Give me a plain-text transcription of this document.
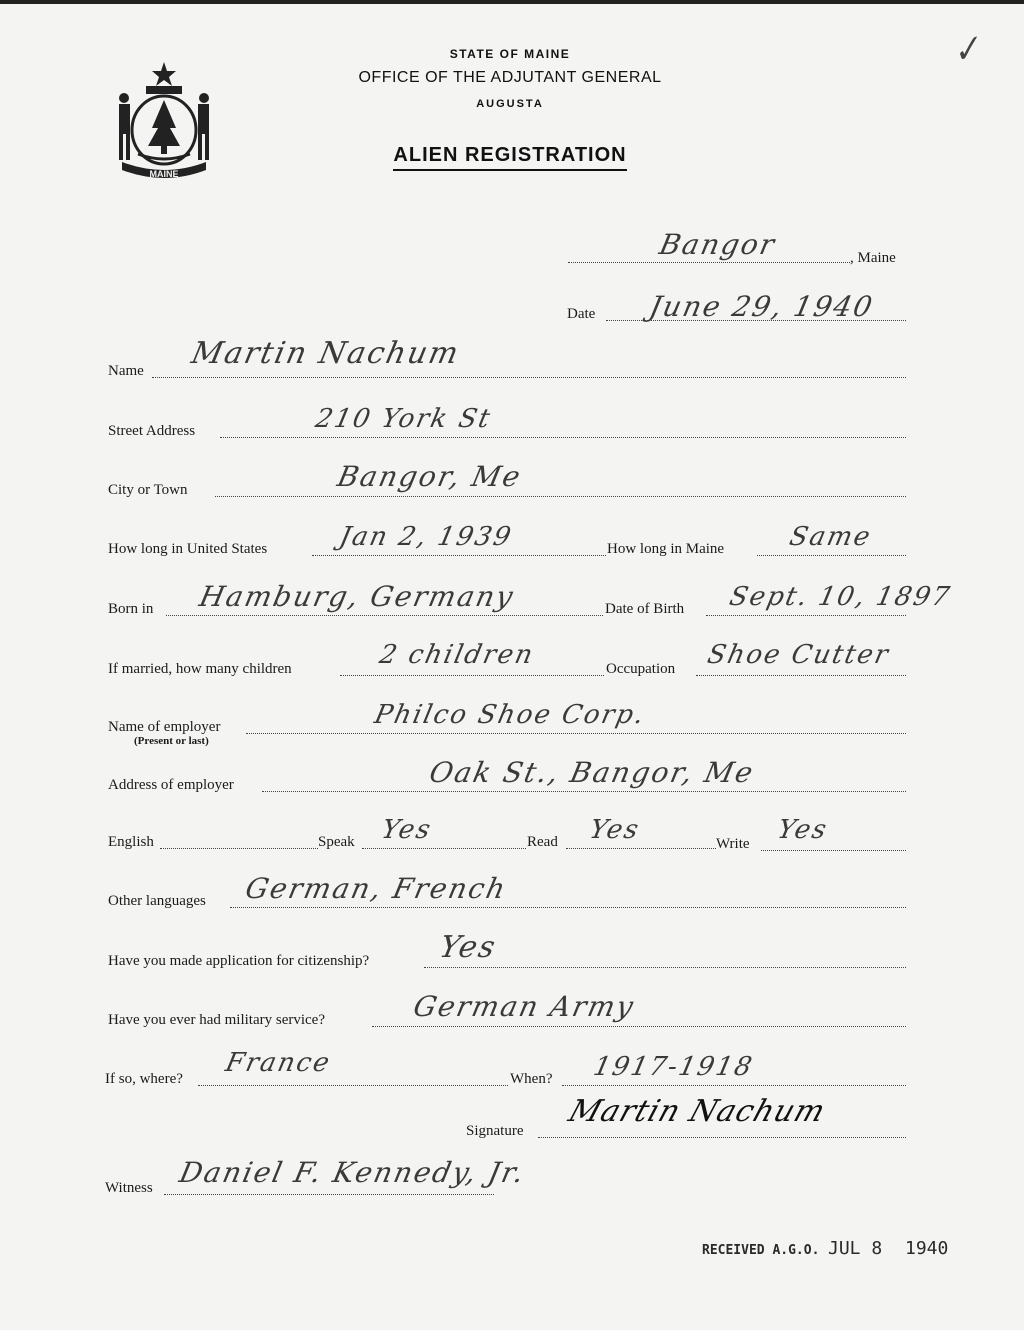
✓
MAINE
STATE OF MAINE
OFFICE OF THE ADJUTANT GENERAL
AUGUSTA
ALIEN REGISTRATION
Bangor	, Maine
Date June 29, 1940
Name Martin Nachum
Street Address	210 York St
City or Town	Bangor, Me
How long in United States	Jan 2, 1939	How long in Maine Same
Born in Hamburg, Germany	Date of Birth Sept. 10, 1897
If married, how many children	2 children	Occupation Shoe Cutter
Name of employer
(Present or last)
Philco Shoe Corp.
Address of employer	Oak St., Bangor, Me
English	Speak Yes	Read Yes	Write Yes
Other languages German, French
Have you made application for citizenship? Yes
Have you ever had military service?	German Army
If so, where?
France
When? 1917-1918
Signature
Martin Nachum
Witness Daniel F. Kennedy, Jr.
RECEIVED A.G.O. JUL 8 1940
